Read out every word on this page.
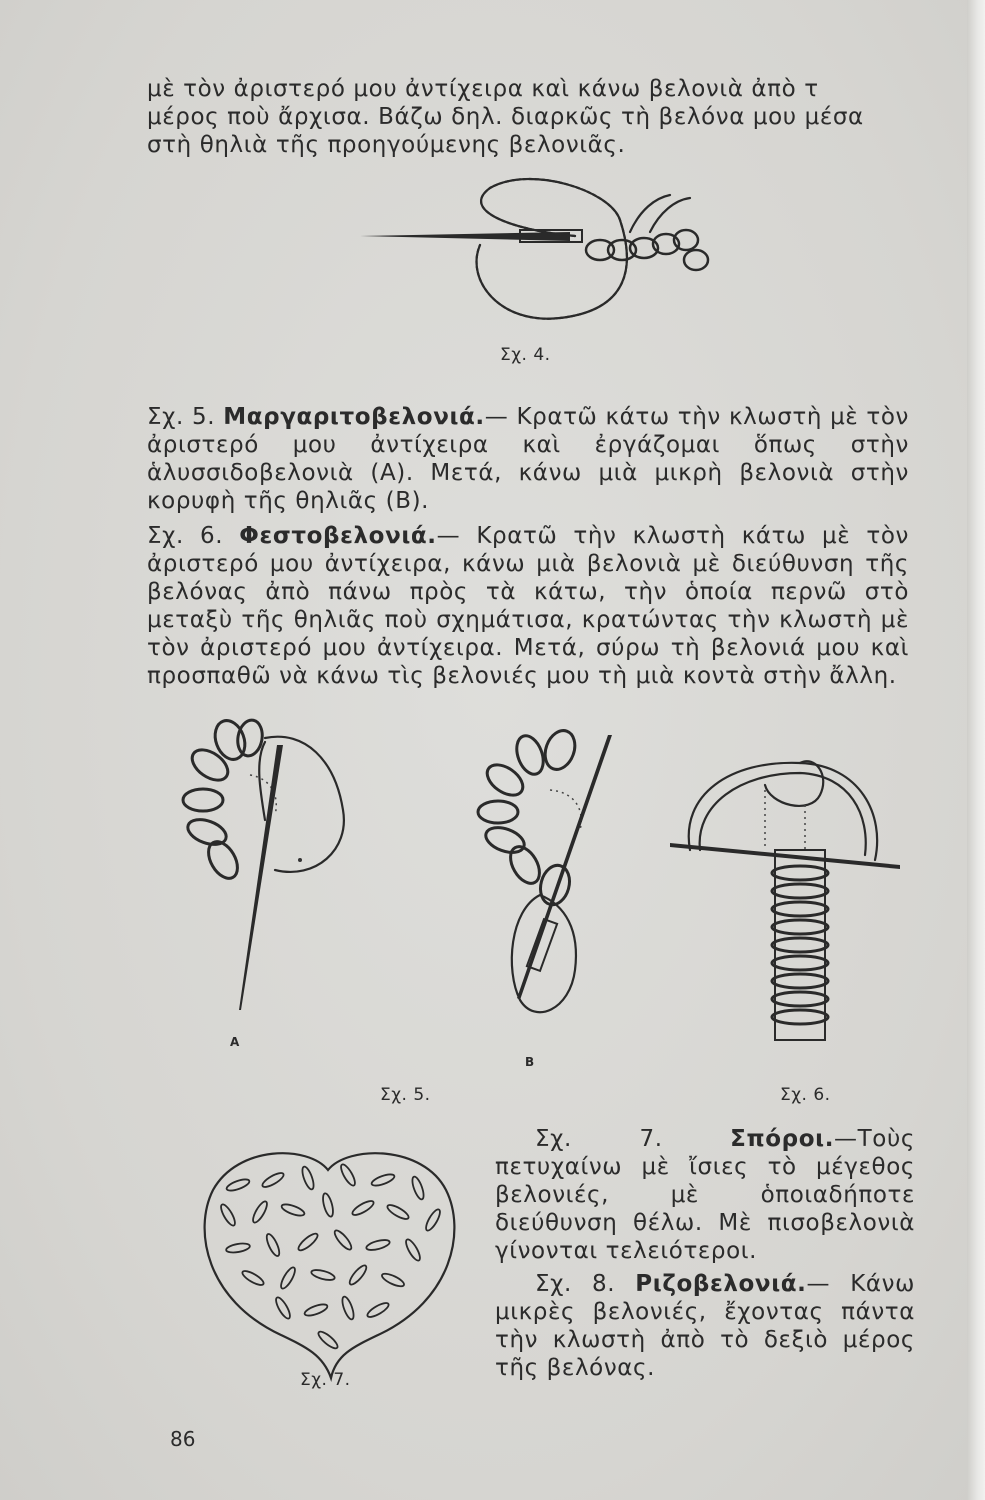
μὲ τὸν ἀριστερό μου ἀντίχειρα καὶ κάνω βελονιὰ ἀπὸ τ

μέρος ποὺ ἄρχισα. Βάζω δηλ. διαρκῶς τὴ βελόνα μου μέσα

στὴ θηλιὰ τῆς προηγούμενης βελονιᾶς.

Σχ. 4.

Σχ. 5. Μαργαριτοβελονιά.— Κρατῶ κάτω τὴν κλωστὴ μὲ τὸν ἀριστερό μου ἀντίχειρα καὶ ἐργάζομαι ὅπως στὴν ἁλυσσιδοβελονιὰ (Α). Μετά, κάνω μιὰ μικρὴ βελονιὰ στὴν κορυφὴ τῆς θηλιᾶς (Β).

Σχ. 6. Φεστοβελονιά.— Κρατῶ τὴν κλωστὴ κάτω μὲ τὸν ἀριστερό μου ἀντίχειρα, κάνω μιὰ βελονιὰ μὲ διεύθυνση τῆς βελόνας ἀπὸ πάνω πρὸς τὰ κάτω, τὴν ὁποία περνῶ στὸ μεταξὺ τῆς θηλιᾶς ποὺ σχημάτισα, κρατώντας τὴν κλωστὴ μὲ τὸν ἀριστερό μου ἀντίχειρα. Μετά, σύρω τὴ βελονιά μου καὶ προσπαθῶ νὰ κάνω τὶς βελονιές μου τὴ μιὰ κοντὰ στὴν ἄλλη.

A
B
Σχ. 5.	Σχ. 6.
Σχ. 7.

Σχ. 7.	Σπόροι.—Τοὺς πετυχαίνω μὲ ἴσιες τὸ μέγεθος βελονιές, μὲ ὁποιαδήποτε διεύθυνση θέλω. Μὲ πισοβελονιὰ γίνονται τελειότεροι.

Σχ. 8. Ριζοβελονιά.— Κάνω μικρὲς βελονιές, ἔχοντας πάντα τὴν κλωστὴ ἀπὸ τὸ δεξιὸ μέρος τῆς βελόνας.

86
